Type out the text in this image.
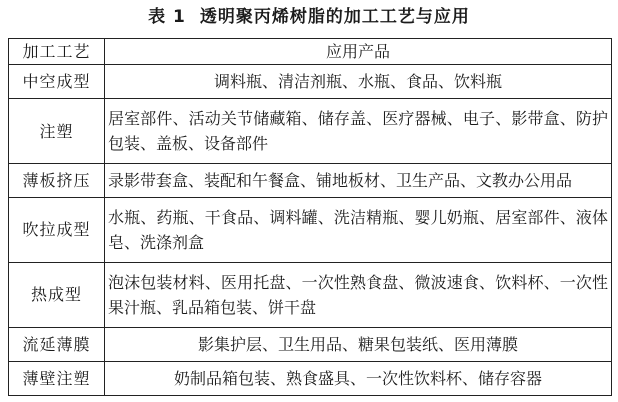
表 1 透明聚丙烯树脂的加工工艺与应用
加工工艺	应用产品
中空成型	调料瓶、清洁剂瓶、水瓶、食品、饮料瓶
注塑	居室部件、活动关节储藏箱、储存盖、医疗器械、电子、影带盒、防护包装、盖板、设备部件
薄板挤压	录影带套盒、装配和午餐盒、铺地板材、卫生产品、文教办公用品
吹拉成型	水瓶、药瓶、干食品、调料罐、洗洁精瓶、婴儿奶瓶、居室部件、液体皂、洗涤剂盒
热成型	泡沫包装材料、医用托盘、一次性熟食盘、微波速食、饮料杯、一次性果汁瓶、乳品箱包装、饼干盘
流延薄膜	影集护层、卫生用品、糖果包装纸、医用薄膜
薄壁注塑	奶制品箱包装、熟食盛具、一次性饮料杯、储存容器
